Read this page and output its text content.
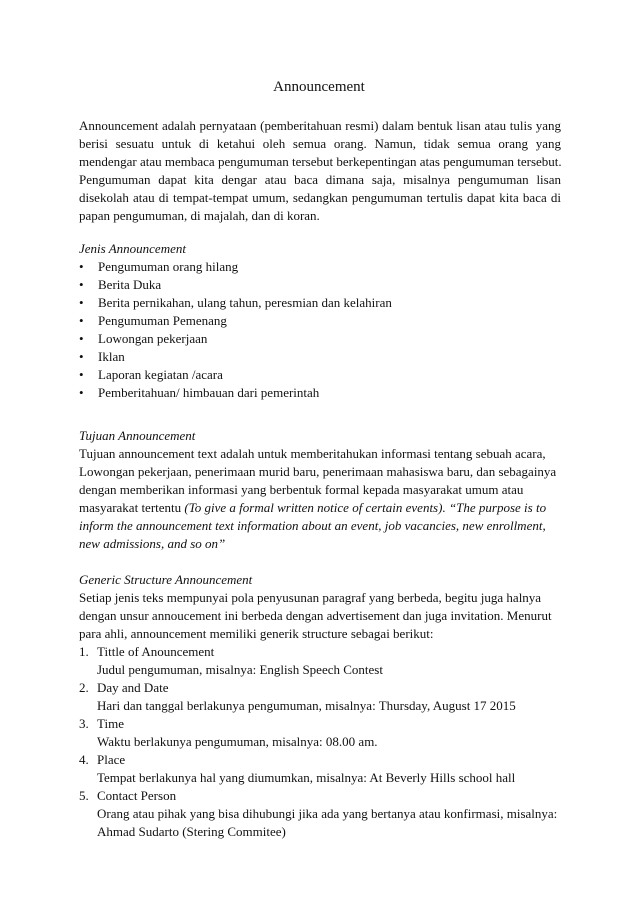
Announcement
Announcement adalah pernyataan (pemberitahuan resmi) dalam bentuk lisan atau tulis yang
berisi sesuatu untuk di ketahui oleh semua orang. Namun, tidak semua orang yang
mendengar atau membaca pengumuman tersebut berkepentingan atas pengumuman tersebut.
Pengumuman dapat kita dengar atau baca dimana saja, misalnya pengumuman lisan
disekolah atau di tempat-tempat umum, sedangkan pengumuman tertulis dapat kita baca di
papan pengumuman, di majalah, dan di koran.
Jenis Announcement
• Pengumuman orang hilang
• Berita Duka
• Berita pernikahan, ulang tahun, peresmian dan kelahiran
• Pengumuman Pemenang
• Lowongan pekerjaan
• Iklan
• Laporan kegiatan /acara
• Pemberitahuan/ himbauan dari pemerintah
Tujuan Announcement
Tujuan announcement text adalah untuk memberitahukan informasi tentang sebuah acara,
Lowongan pekerjaan, penerimaan murid baru, penerimaan mahasiswa baru, dan sebagainya
dengan memberikan informasi yang berbentuk formal kepada masyarakat umum atau
masyarakat tertentu (To give a formal written notice of certain events). “The purpose is to
inform the announcement text information about an event, job vacancies, new enrollment,
new admissions, and so on”
Generic Structure Announcement
Setiap jenis teks mempunyai pola penyusunan paragraf yang berbeda, begitu juga halnya
dengan unsur annoucement ini berbeda dengan advertisement dan juga invitation. Menurut
para ahli, announcement memiliki generik structure sebagai berikut:
1. Tittle of Anouncement
Judul pengumuman, misalnya: English Speech Contest
2. Day and Date
Hari dan tanggal berlakunya pengumuman, misalnya: Thursday, August 17 2015
3. Time
Waktu berlakunya pengumuman, misalnya: 08.00 am.
4. Place
Tempat berlakunya hal yang diumumkan, misalnya: At Beverly Hills school hall
5. Contact Person
Orang atau pihak yang bisa dihubungi jika ada yang bertanya atau konfirmasi, misalnya:
Ahmad Sudarto (Stering Commitee)
